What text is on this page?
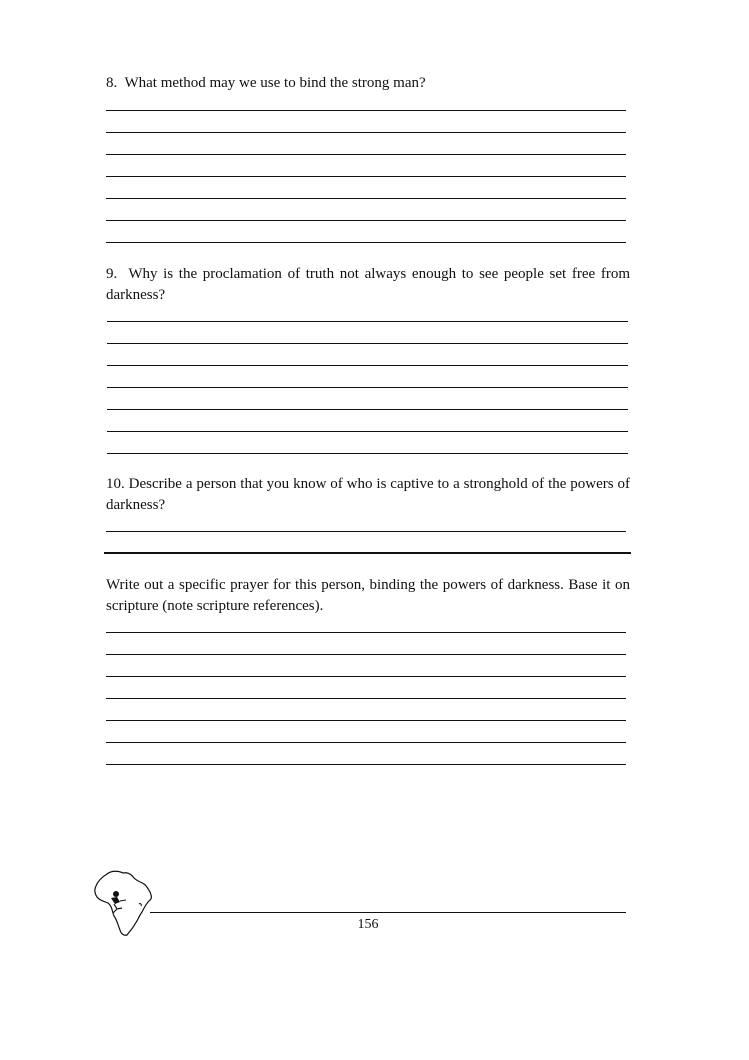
8. What method may we use to bind the strong man?
9. Why is the proclamation of truth not always enough to see people set free from darkness?
10. Describe a person that you know of who is captive to a stronghold of the powers of darkness?
Write out a specific prayer for this person, binding the powers of darkness. Base it on scripture (note scripture references).
156
